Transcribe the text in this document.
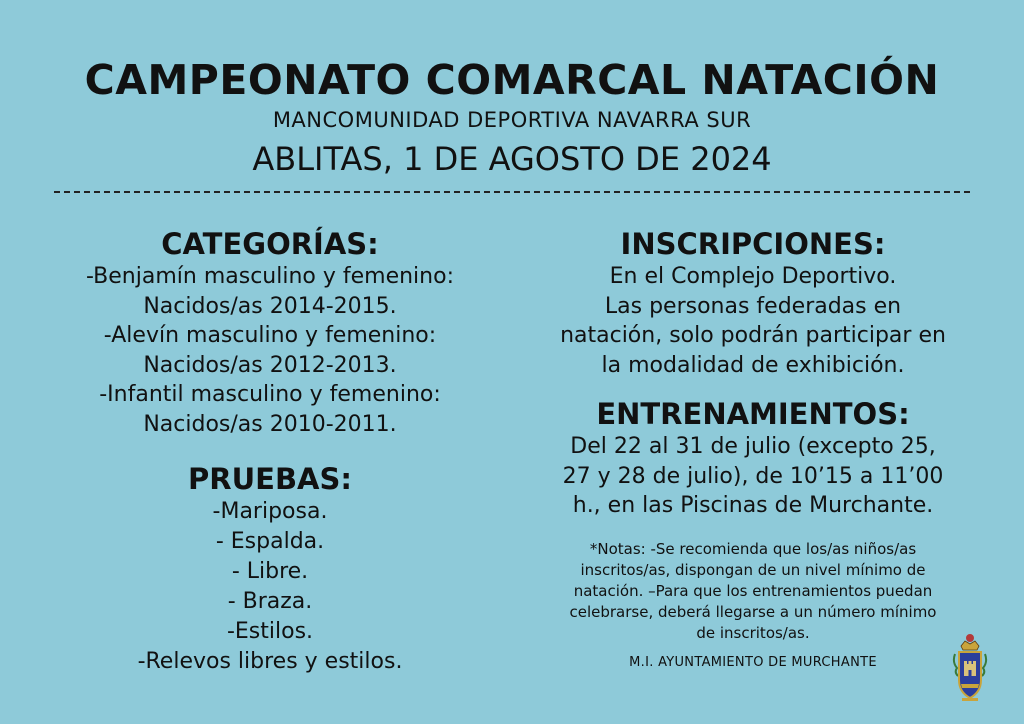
CAMPEONATO COMARCAL NATACIÓN
MANCOMUNIDAD DEPORTIVA NAVARRA SUR
ABLITAS, 1 DE AGOSTO DE 2024
CATEGORÍAS:
-Benjamín masculino y femenino:
Nacidos/as 2014-2015.
-Alevín masculino y femenino:
Nacidos/as 2012-2013.
-Infantil masculino y femenino:
Nacidos/as 2010-2011.
PRUEBAS:
-Mariposa.
- Espalda.
- Libre.
- Braza.
-Estilos.
-Relevos libres y estilos.
INSCRIPCIONES:
En el Complejo Deportivo.
Las personas federadas en
natación, solo podrán participar en
la modalidad de exhibición.
ENTRENAMIENTOS:
Del 22 al 31 de julio (excepto 25,
27 y 28 de julio), de 10’15 a 11’00
h., en las Piscinas de Murchante.
*Notas: -Se recomienda que los/as niños/as
inscritos/as, dispongan de un nivel mínimo de
natación. –Para que los entrenamientos puedan
celebrarse, deberá llegarse a un número mínimo
de inscritos/as.
M.I. AYUNTAMIENTO DE MURCHANTE
